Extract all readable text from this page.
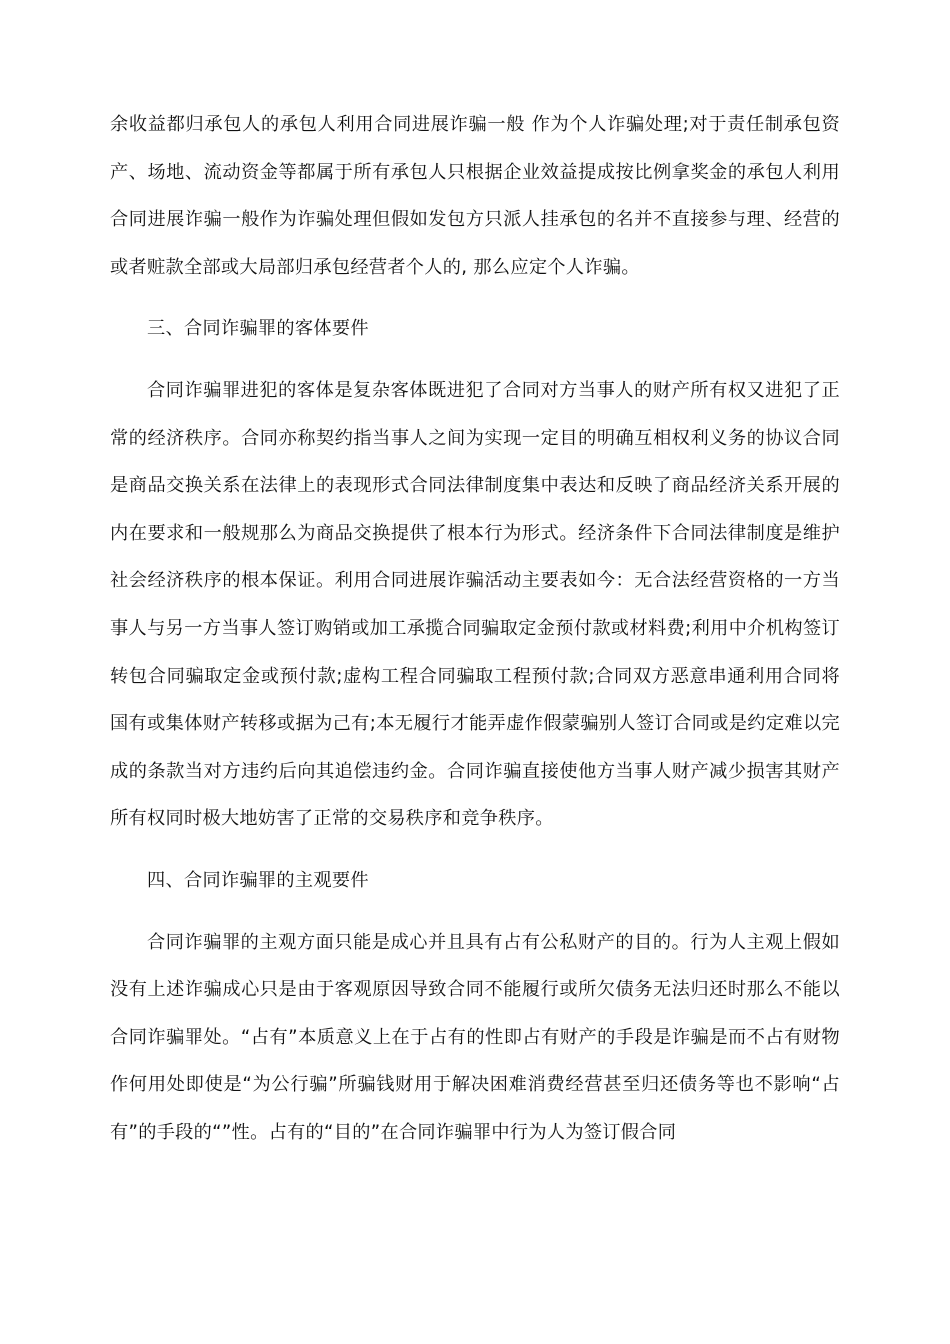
余收益都归承包人的承包人利用合同进展诈骗一般 作为个人诈骗处理;对于责任制承包资产、场地、流动资金等都属于所有承包人只根据企业效益提成按比例拿奖金的承包人利用合同进展诈骗一般作为诈骗处理但假如发包方只派人挂承包的名并不直接参与理、经营的或者赃款全部或大局部归承包经营者个人的, 那么应定个人诈骗。

三、合同诈骗罪的客体要件

合同诈骗罪进犯的客体是复杂客体既进犯了合同对方当事人的财产所有权又进犯了正常的经济秩序。合同亦称契约指当事人之间为实现一定目的明确互相权利义务的协议合同是商品交换关系在法律上的表现形式合同法律制度集中表达和反映了商品经济关系开展的内在要求和一般规那么为商品交换提供了根本行为形式。经济条件下合同法律制度是维护社会经济秩序的根本保证。利用合同进展诈骗活动主要表如今：无合法经营资格的一方当事人与另一方当事人签订购销或加工承揽合同骗取定金预付款或材料费;利用中介机构签订转包合同骗取定金或预付款;虚构工程合同骗取工程预付款;合同双方恶意串通利用合同将国有或集体财产转移或据为己有;本无履行才能弄虚作假蒙骗别人签订合同或是约定难以完成的条款当对方违约后向其追偿违约金。合同诈骗直接使他方当事人财产减少损害其财产所有权同时极大地妨害了正常的交易秩序和竞争秩序。

四、合同诈骗罪的主观要件

合同诈骗罪的主观方面只能是成心并且具有占有公私财产的目的。行为人主观上假如没有上述诈骗成心只是由于客观原因导致合同不能履行或所欠债务无法归还时那么不能以合同诈骗罪处。“占有”本质意义上在于占有的性即占有财产的手段是诈骗是而不占有财物作何用处即使是“为公行骗”所骗钱财用于解决困难消费经营甚至归还债务等也不影响“占有”的手段的“”性。占有的“目的”在合同诈骗罪中行为人为签订假合同
